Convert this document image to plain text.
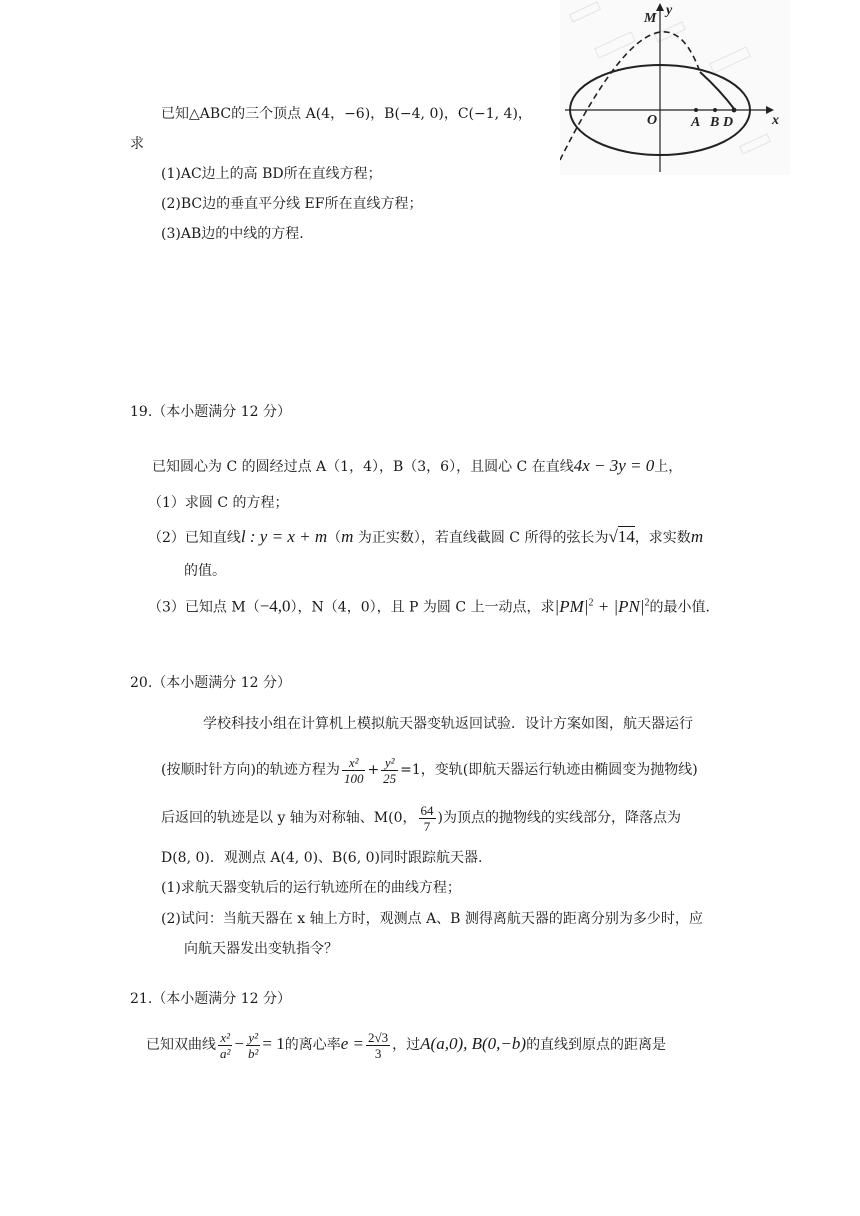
M
y
O A B D	x
已知△ABC的三个顶点 A(4，−6)，B(−4, 0)，C(−1, 4)，
求
(1)AC边上的高 BD所在直线方程；
(2)BC边的垂直平分线 EF所在直线方程；
(3)AB边的中线的方程.
19.（本小题满分 12 分）
已知圆心为 C 的圆经过点 A（1，4），B（3，6），且圆心 C 在直线4x − 3y = 0上，
（1）求圆 C 的方程；
（2）已知直线l : y = x + m（m 为正实数），若直线截圆 C 所得的弦长为√14，求实数m
的值。
（3）已知点 M（−4,0），N（4，0），且 P 为圆 C 上一动点，求$|PM|^2 + |PN|^2$的最小值.
20.（本小题满分 12 分）
学校科技小组在计算机上模拟航天器变轨返回试验．设计方案如图，航天器运行
(按顺时针方向)的轨迹方程为 $\frac{\text{x²}}{100} + \frac{\text{y²}}{25} =1$，变轨(即航天器运行轨迹由椭圆变为抛物线)
后返回的轨迹是以 y 轴为对称轴、M(0， $\frac{64}{7}$ )为顶点的抛物线的实线部分，降落点为
D(8, 0)．观测点 A(4, 0)、B(6, 0)同时跟踪航天器.
(1)求航天器变轨后的运行轨迹所在的曲线方程；
(2)试问：当航天器在 x 轴上方时，观测点 A、B 测得离航天器的距离分别为多少时，应
向航天器发出变轨指令？
21.（本小题满分 12 分）
已知双曲线 $\frac{\text{x²}}{\text{a²}} - \frac{\text{y²}}{\text{b²}} = 1$的离心率$e = \frac{2√3}{3}$ ，过A(a,0), B(0,−b)的直线到原点的距离是
